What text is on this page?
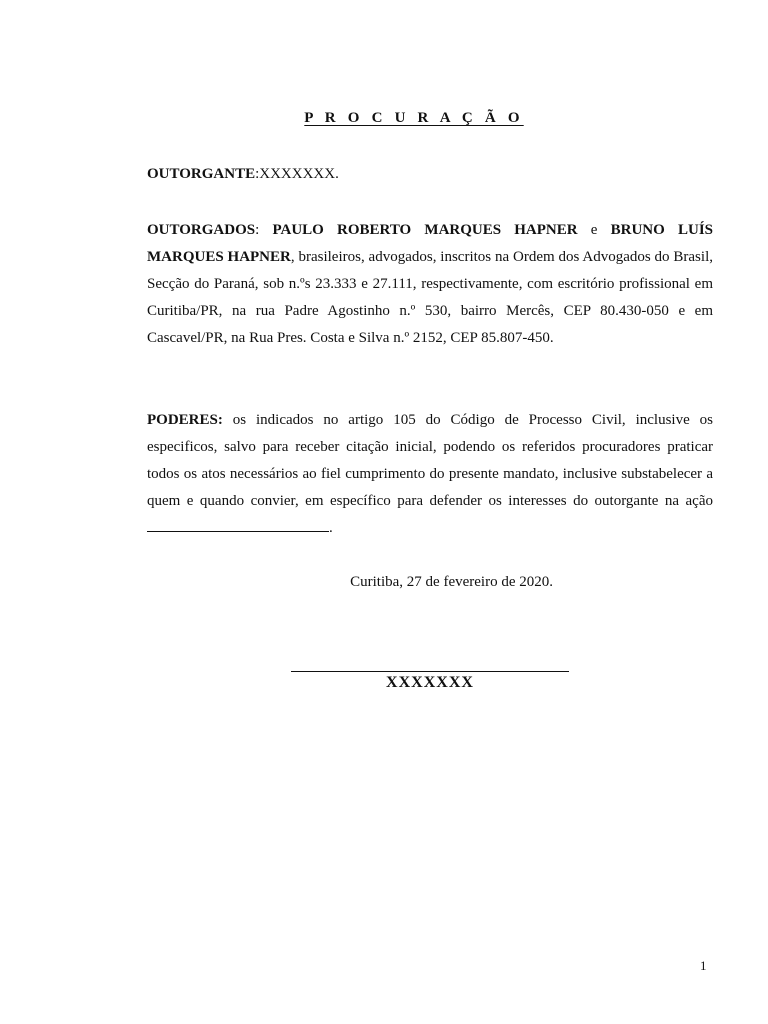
P R O C U R A Ç Ã O
OUTORGANTE:XXXXXXX.
OUTORGADOS: PAULO ROBERTO MARQUES HAPNER e BRUNO LUÍS MARQUES HAPNER, brasileiros, advogados, inscritos na Ordem dos Advogados do Brasil, Secção do Paraná, sob n.ºs 23.333 e 27.111, respectivamente, com escritório profissional em Curitiba/PR, na rua Padre Agostinho n.º 530, bairro Mercês, CEP 80.430-050 e em Cascavel/PR, na Rua Pres. Costa e Silva n.º 2152, CEP 85.807-450.
PODERES: os indicados no artigo 105 do Código de Processo Civil, inclusive os especificos, salvo para receber citação inicial, podendo os referidos procuradores praticar todos os atos necessários ao fiel cumprimento do presente mandato, inclusive substabelecer a quem e quando convier, em específico para defender os interesses do outorgante na ação .
Curitiba, 27 de fevereiro de 2020.
XXXXXXX
1
